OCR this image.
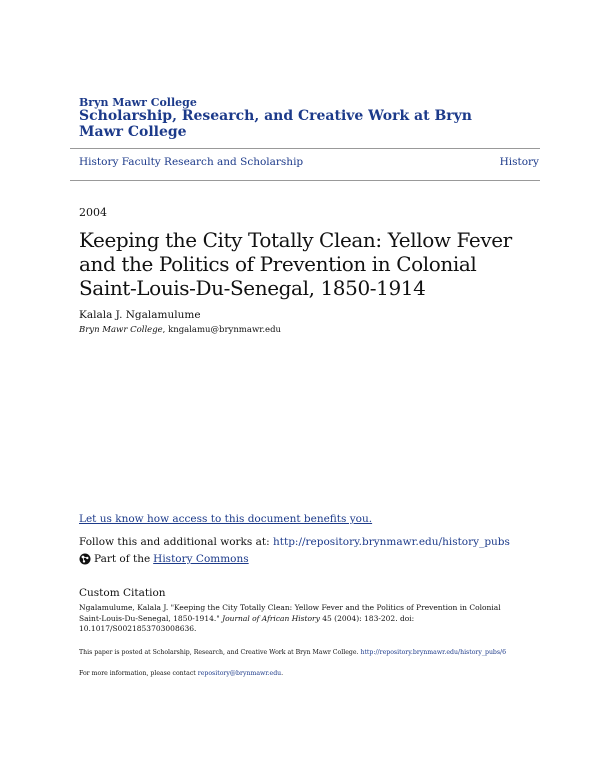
Bryn Mawr College
Scholarship, Research, and Creative Work at Bryn Mawr College
History Faculty Research and Scholarship	History
2004
Keeping the City Totally Clean: Yellow Fever and the Politics of Prevention in Colonial Saint-Louis-Du-Senegal, 1850-1914
Kalala J. Ngalamulume
Bryn Mawr College, kngalamu@brynmawr.edu
Let us know how access to this document benefits you.
Follow this and additional works at: http://repository.brynmawr.edu/history_pubs
Part of the History Commons
Custom Citation
Ngalamulume, Kalala J. "Keeping the City Totally Clean: Yellow Fever and the Politics of Prevention in Colonial Saint-Louis-Du-Senegal, 1850-1914." Journal of African History 45 (2004): 183-202. doi: 10.1017/S0021853703008636.
This paper is posted at Scholarship, Research, and Creative Work at Bryn Mawr College. http://repository.brynmawr.edu/history_pubs/6
For more information, please contact repository@brynmawr.edu.
